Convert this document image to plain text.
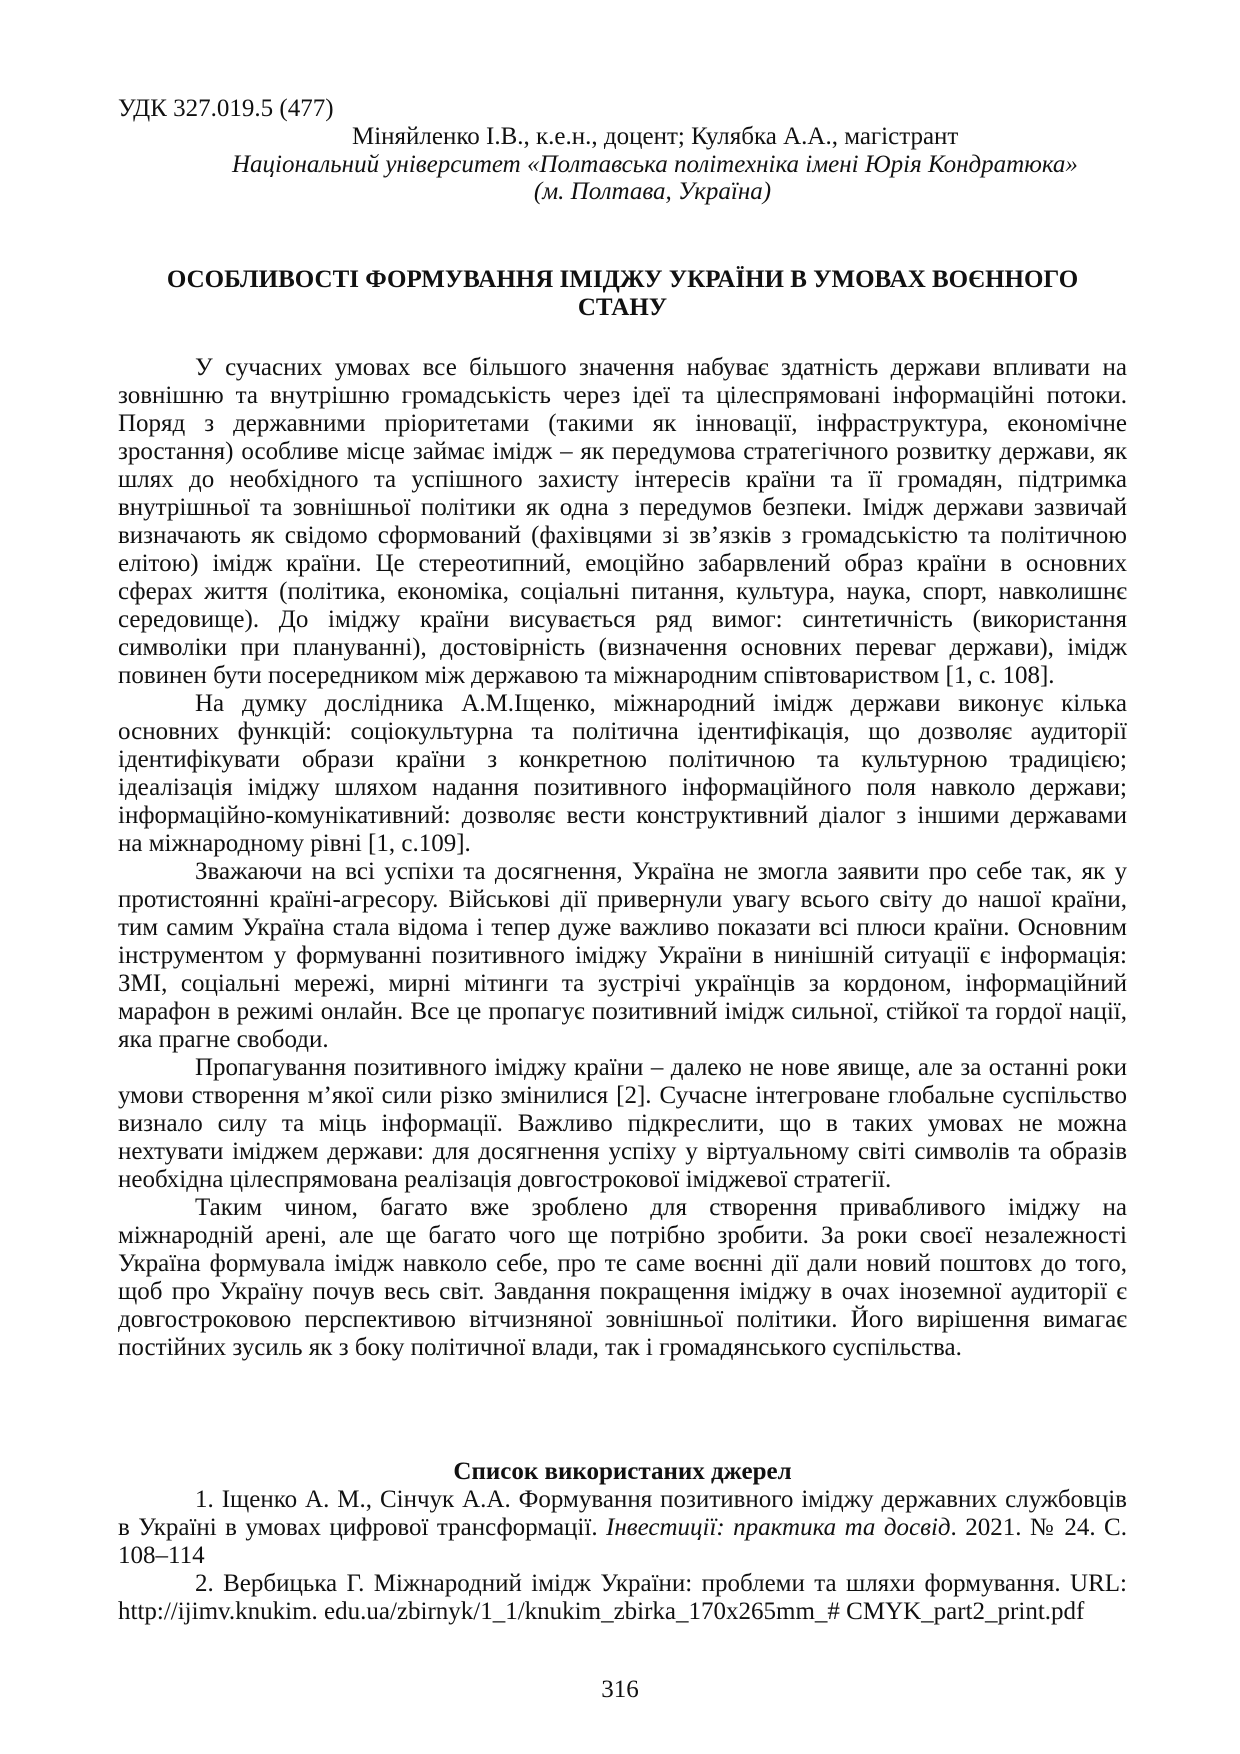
УДК 327.019.5 (477)
Міняйленко І.В., к.е.н., доцент; Кулябка А.А., магістрант
Національний університет «Полтавська політехніка імені Юрія Кондратюка»
(м. Полтава, Україна)
ОСОБЛИВОСТІ ФОРМУВАННЯ ІМІДЖУ УКРАЇНИ В УМОВАХ ВОЄННОГО
СТАНУ
У сучасних умовах все більшого значення набуває здатність держави впливати на
зовнішню та внутрішню громадськість через ідеї та цілеспрямовані інформаційні потоки.
Поряд з державними пріоритетами (такими як інновації, інфраструктура, економічне
зростання) особливе місце займає імідж – як передумова стратегічного розвитку держави, як
шлях до необхідного та успішного захисту інтересів країни та її громадян, підтримка
внутрішньої та зовнішньої політики як одна з передумов безпеки. Імідж держави зазвичай
визначають як свідомо сформований (фахівцями зі зв’язків з громадськістю та політичною
елітою) імідж країни. Це стереотипний, емоційно забарвлений образ країни в основних
сферах життя (політика, економіка, соціальні питання, культура, наука, спорт, навколишнє
середовище). До іміджу країни висувається ряд вимог: синтетичність (використання
символіки при плануванні), достовірність (визначення основних переваг держави), імідж
повинен бути посередником між державою та міжнародним співтовариством [1, с. 108].
На думку дослідника А.М.Іщенко, міжнародний імідж держави виконує кілька
основних функцій: соціокультурна та політична ідентифікація, що дозволяє аудиторії
ідентифікувати образи країни з конкретною політичною та культурною традицією;
ідеалізація іміджу шляхом надання позитивного інформаційного поля навколо держави;
інформаційно-комунікативний: дозволяє вести конструктивний діалог з іншими державами
на міжнародному рівні [1, с.109].
Зважаючи на всі успіхи та досягнення, Україна не змогла заявити про себе так, як у
протистоянні країні-агресору. Військові дії привернули увагу всього світу до нашої країни,
тим самим Україна стала відома і тепер дуже важливо показати всі плюси країни. Основним
інструментом у формуванні позитивного іміджу України в нинішній ситуації є інформація:
ЗМІ, соціальні мережі, мирні мітинги та зустрічі українців за кордоном, інформаційний
марафон в режимі онлайн. Все це пропагує позитивний імідж сильної, стійкої та гордої нації,
яка прагне свободи.
Пропагування позитивного іміджу країни – далеко не нове явище, але за останні роки
умови створення м’якої сили різко змінилися [2]. Сучасне інтегроване глобальне суспільство
визнало силу та міць інформації. Важливо підкреслити, що в таких умовах не можна
нехтувати іміджем держави: для досягнення успіху у віртуальному світі символів та образів
необхідна цілеспрямована реалізація довгострокової іміджевої стратегії.
Таким чином, багато вже зроблено для створення привабливого іміджу на
міжнародній арені, але ще багато чого ще потрібно зробити. За роки своєї незалежності
Україна формувала імідж навколо себе, про те саме воєнні дії дали новий поштовх до того,
щоб про Україну почув весь світ. Завдання покращення іміджу в очах іноземної аудиторії є
довгостроковою перспективою вітчизняної зовнішньої політики. Його вирішення вимагає
постійних зусиль як з боку політичної влади, так і громадянського суспільства.
Список використаних джерел
1. Іщенко А. М., Сінчук А.А. Формування позитивного іміджу державних службовців
в Україні в умовах цифрової трансформації. Інвестиції: практика та досвід. 2021. № 24. С.
108–114
2. Вербицька Г. Міжнародний імідж України: проблеми та шляхи формування. URL:
http://ijimv.knukim. edu.ua/zbirnyk/1_1/knukim_zbirka_170x265mm_# CMYK_part2_print.pdf
316
